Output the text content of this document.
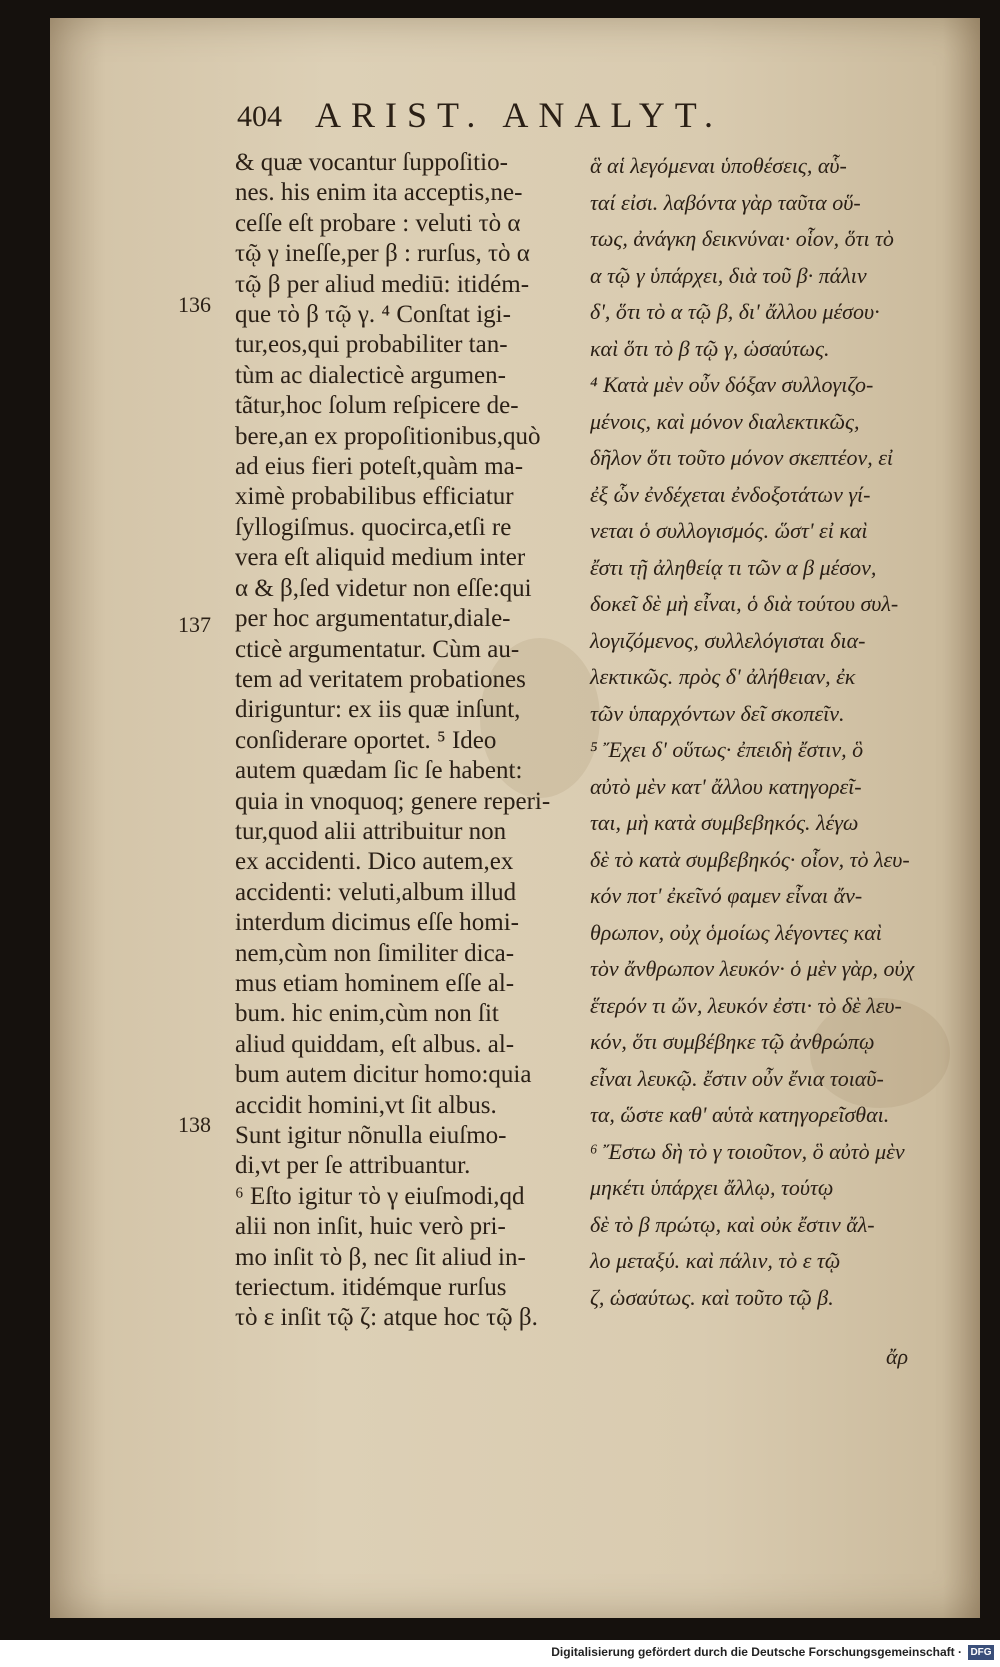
404 ARIST. ANALYT.
136
137
138
& quæ vocantur ſuppoſitio-
nes. his enim ita acceptis,ne-
ceſſe eſt probare : veluti τὸ α
τῷ γ ineſſe,per β : rurſus, τὸ α
τῷ β per aliud mediū: itidém-
que τὸ β τῷ γ. ⁴ Conſtat igi-
tur,eos,qui probabiliter tan-
tùm ac dialecticè argumen-
tãtur,hoc ſolum reſpicere de-
bere,an ex propoſitionibus,quò
ad eius fieri poteſt,quàm ma-
ximè probabilibus efficiatur
ſyllogiſmus. quocirca,etſi re
vera eſt aliquid medium inter
α & β,ſed videtur non eſſe:qui
per hoc argumentatur,diale-
cticè argumentatur. Cùm au-
tem ad veritatem probationes
diriguntur: ex iis quæ inſunt,
conſiderare oportet. ⁵ Ideo
autem quædam ſic ſe habent:
quia in vnoquoq; genere reperi-
tur,quod alii attribuitur non
ex accidenti. Dico autem,ex
accidenti: veluti,album illud
interdum dicimus eſſe homi-
nem,cùm non ſimiliter dica-
mus etiam hominem eſſe al-
bum. hic enim,cùm non ſit
aliud quiddam, eſt albus. al-
bum autem dicitur homo:quia
accidit homini,vt ſit albus.
Sunt igitur nõnulla eiuſmo-
di,vt per ſe attribuantur.
⁶ Eſto igitur τὸ γ eiuſmodi,qd
alii non inſit, huic verò pri-
mo inſit τὸ β, nec ſit aliud in-
teriectum. itidémque rurſus
τὸ ε inſit τῷ ζ: atque hoc τῷ β.
ἃ αἱ λεγόμεναι ὑποθέσεις, αὗ-
ταί εἰσι. λαβόντα γὰρ ταῦτα οὕ-
τως, ἀνάγκη δεικνύναι· οἷον, ὅτι τὸ
α τῷ γ ὑπάρχει, διὰ τοῦ β· πάλιν
δ', ὅτι τὸ α τῷ β, δι' ἄλλου μέσου·
καὶ ὅτι τὸ β τῷ γ, ὡσαύτως.
⁴ Κατὰ μὲν οὖν δόξαν συλλογιζο-
μένοις, καὶ μόνον διαλεκτικῶς,
δῆλον ὅτι τοῦτο μόνον σκεπτέον, εἰ
ἐξ ὧν ἐνδέχεται ἐνδοξοτάτων γί-
νεται ὁ συλλογισμός. ὥστ' εἰ καὶ
ἔστι τῇ ἀληθείᾳ τι τῶν α β μέσον,
δοκεῖ δὲ μὴ εἶναι, ὁ διὰ τούτου συλ-
λογιζόμενος, συλλελόγισται δια-
λεκτικῶς. πρὸς δ' ἀλήθειαν, ἐκ
τῶν ὑπαρχόντων δεῖ σκοπεῖν.
⁵ Ἔχει δ' οὕτως· ἐπειδὴ ἔστιν, ὃ
αὐτὸ μὲν κατ' ἄλλου κατηγορεῖ-
ται, μὴ κατὰ συμβεβηκός. λέγω
δὲ τὸ κατὰ συμβεβηκός· οἷον, τὸ λευ-
κόν ποτ' ἐκεῖνό φαμεν εἶναι ἄν-
θρωπον, οὐχ ὁμοίως λέγοντες καὶ
τὸν ἄνθρωπον λευκόν· ὁ μὲν γὰρ, οὐχ
ἕτερόν τι ὤν, λευκόν ἐστι· τὸ δὲ λευ-
κόν, ὅτι συμβέβηκε τῷ ἀνθρώπῳ
εἶναι λευκῷ. ἔστιν οὖν ἔνια τοιαῦ-
τα, ὥστε καθ' αὑτὰ κατηγορεῖσθαι.
⁶ Ἔστω δὴ τὸ γ τοιοῦτον, ὃ αὐτὸ μὲν
μηκέτι ὑπάρχει ἄλλῳ, τούτῳ
δὲ τὸ β πρώτῳ, καὶ οὐκ ἔστιν ἄλ-
λο μεταξύ. καὶ πάλιν, τὸ ε τῷ
ζ, ὡσαύτως. καὶ τοῦτο τῷ β.
ἄρ
Digitalisierung gefördert durch die Deutsche Forschungsgemeinschaft · DFG
